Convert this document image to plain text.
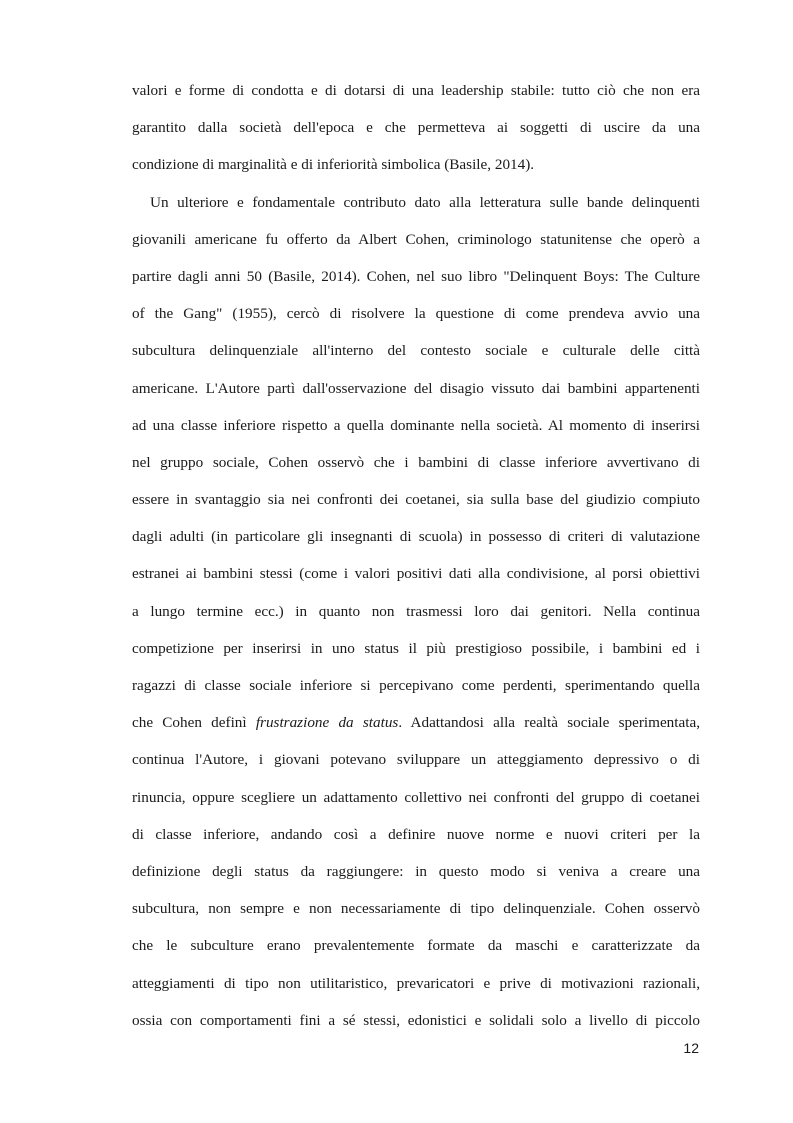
valori e forme di condotta e di dotarsi di una leadership stabile: tutto ciò che non era
garantito dalla società dell'epoca e che permetteva ai soggetti di uscire da una
condizione di marginalità e di inferiorità simbolica (Basile, 2014).
Un ulteriore e fondamentale contributo dato alla letteratura sulle bande delinquenti
giovanili americane fu offerto da Albert Cohen, criminologo statunitense che operò a
partire dagli anni 50 (Basile, 2014). Cohen, nel suo libro "Delinquent Boys: The Culture
of the Gang" (1955), cercò di risolvere la questione di come prendeva avvio una
subcultura delinquenziale all'interno del contesto sociale e culturale delle città
americane. L'Autore partì dall'osservazione del disagio vissuto dai bambini appartenenti
ad una classe inferiore rispetto a quella dominante nella società. Al momento di inserirsi
nel gruppo sociale, Cohen osservò che i bambini di classe inferiore avvertivano di
essere in svantaggio sia nei confronti dei coetanei, sia sulla base del giudizio compiuto
dagli adulti (in particolare gli insegnanti di scuola) in possesso di criteri di valutazione
estranei ai bambini stessi (come i valori positivi dati alla condivisione, al porsi obiettivi
a lungo termine ecc.) in quanto non trasmessi loro dai genitori. Nella continua
competizione per inserirsi in uno status il più prestigioso possibile, i bambini ed i
ragazzi di classe sociale inferiore si percepivano come perdenti, sperimentando quella
che Cohen definì frustrazione da status. Adattandosi alla realtà sociale sperimentata,
continua l'Autore, i giovani potevano sviluppare un atteggiamento depressivo o di
rinuncia, oppure scegliere un adattamento collettivo nei confronti del gruppo di coetanei
di classe inferiore, andando così a definire nuove norme e nuovi criteri per la
definizione degli status da raggiungere: in questo modo si veniva a creare una
subcultura, non sempre e non necessariamente di tipo delinquenziale. Cohen osservò
che le subculture erano prevalentemente formate da maschi e caratterizzate da
atteggiamenti di tipo non utilitaristico, prevaricatori e prive di motivazioni razionali,
ossia con comportamenti fini a sé stessi, edonistici e solidali solo a livello di piccolo
12
